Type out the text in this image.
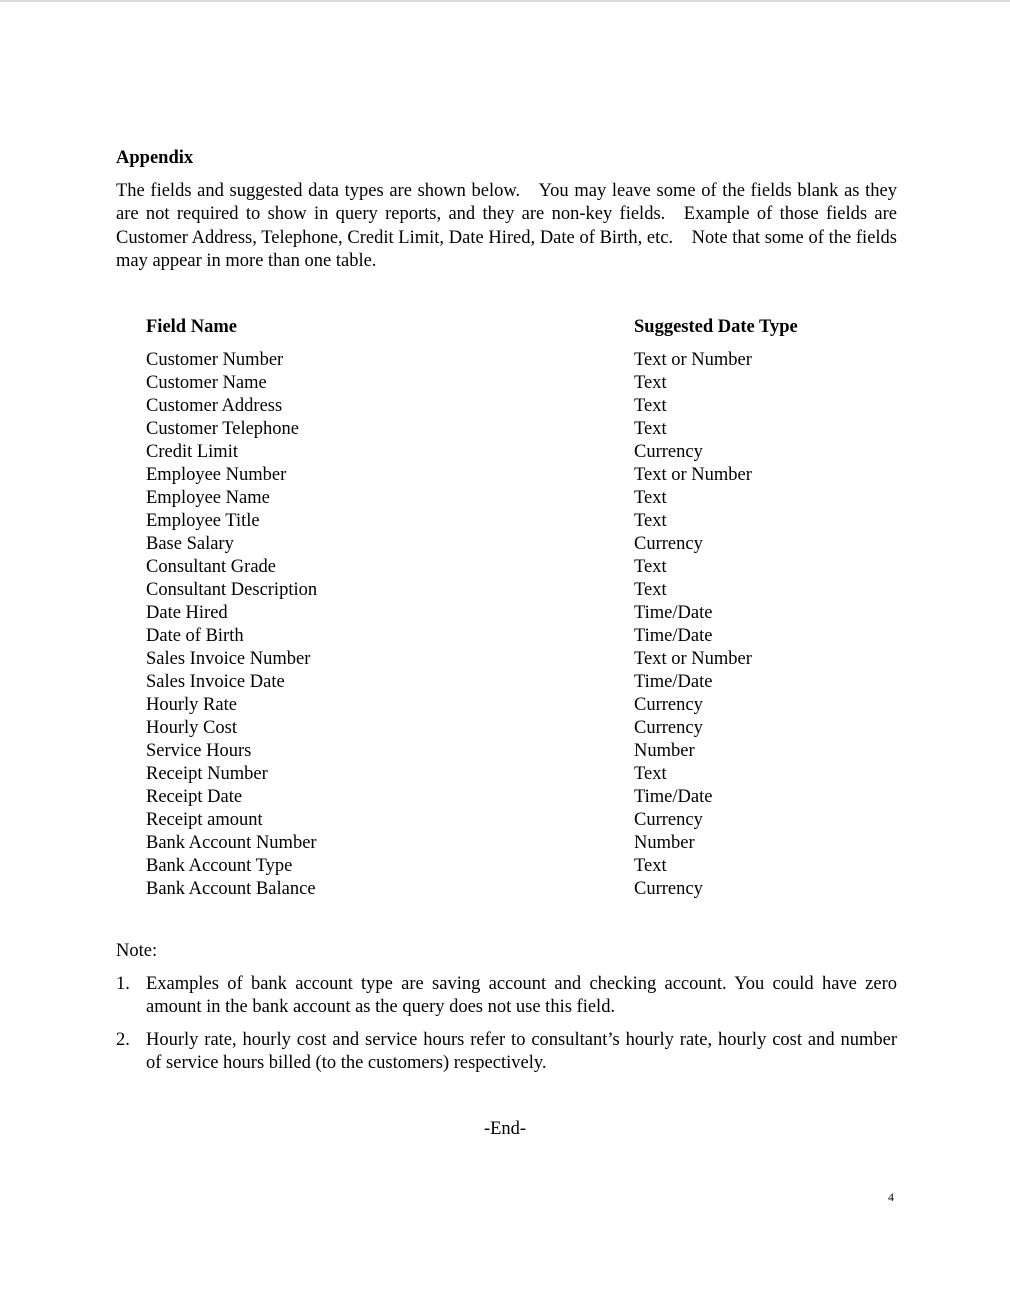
Appendix

The fields and suggested data types are shown below. You may leave some of the fields blank as they are not required to show in query reports, and they are non-key fields. Example of those fields are Customer Address, Telephone, Credit Limit, Date Hired, Date of Birth, etc. Note that some of the fields may appear in more than one table.

Field Name	Suggested Date Type
Customer Number	Text or Number
Customer Name	Text
Customer Address	Text
Customer Telephone	Text
Credit Limit	Currency
Employee Number	Text or Number
Employee Name	Text
Employee Title	Text
Base Salary	Currency
Consultant Grade	Text
Consultant Description	Text
Date Hired	Time/Date
Date of Birth	Time/Date
Sales Invoice Number	Text or Number
Sales Invoice Date	Time/Date
Hourly Rate	Currency
Hourly Cost	Currency
Service Hours	Number
Receipt Number	Text
Receipt Date	Time/Date
Receipt amount	Currency
Bank Account Number	Number
Bank Account Type	Text
Bank Account Balance	Currency
Note:
1. Examples of bank account type are saving account and checking account. You could have zero amount in the bank account as the query does not use this field.
2. Hourly rate, hourly cost and service hours refer to consultant’s hourly rate, hourly cost and number of service hours billed (to the customers) respectively.
-End-
4
